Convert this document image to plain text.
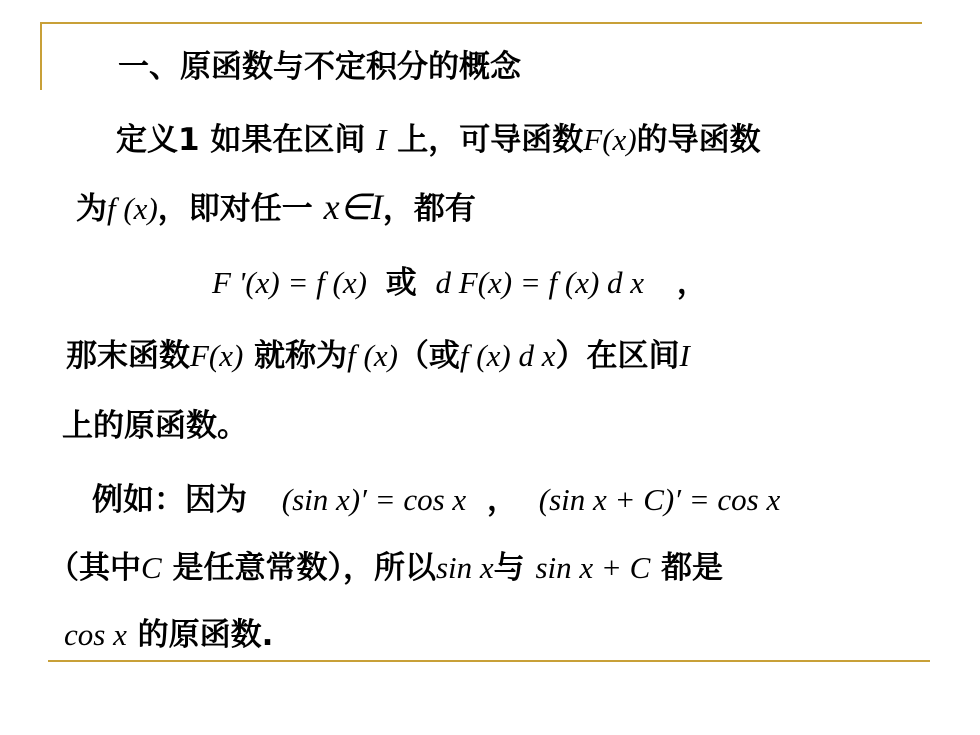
一、原函数与不定积分的概念
定义1 如果在区间 I 上，可导函数F(x)的导函数
为f (x)，即对任一 x∈I，都有
F '(x) = f (x) 或 d F(x) = f (x) d x ，
那末函数F(x) 就称为f (x)（或f (x) d x）在区间I
上的原函数。
例如：因为 (sin x)′ = cos x ， (sin x + C)′ = cos x
（其中C 是任意常数），所以sin x与 sin x + C 都是
cos x 的原函数.
